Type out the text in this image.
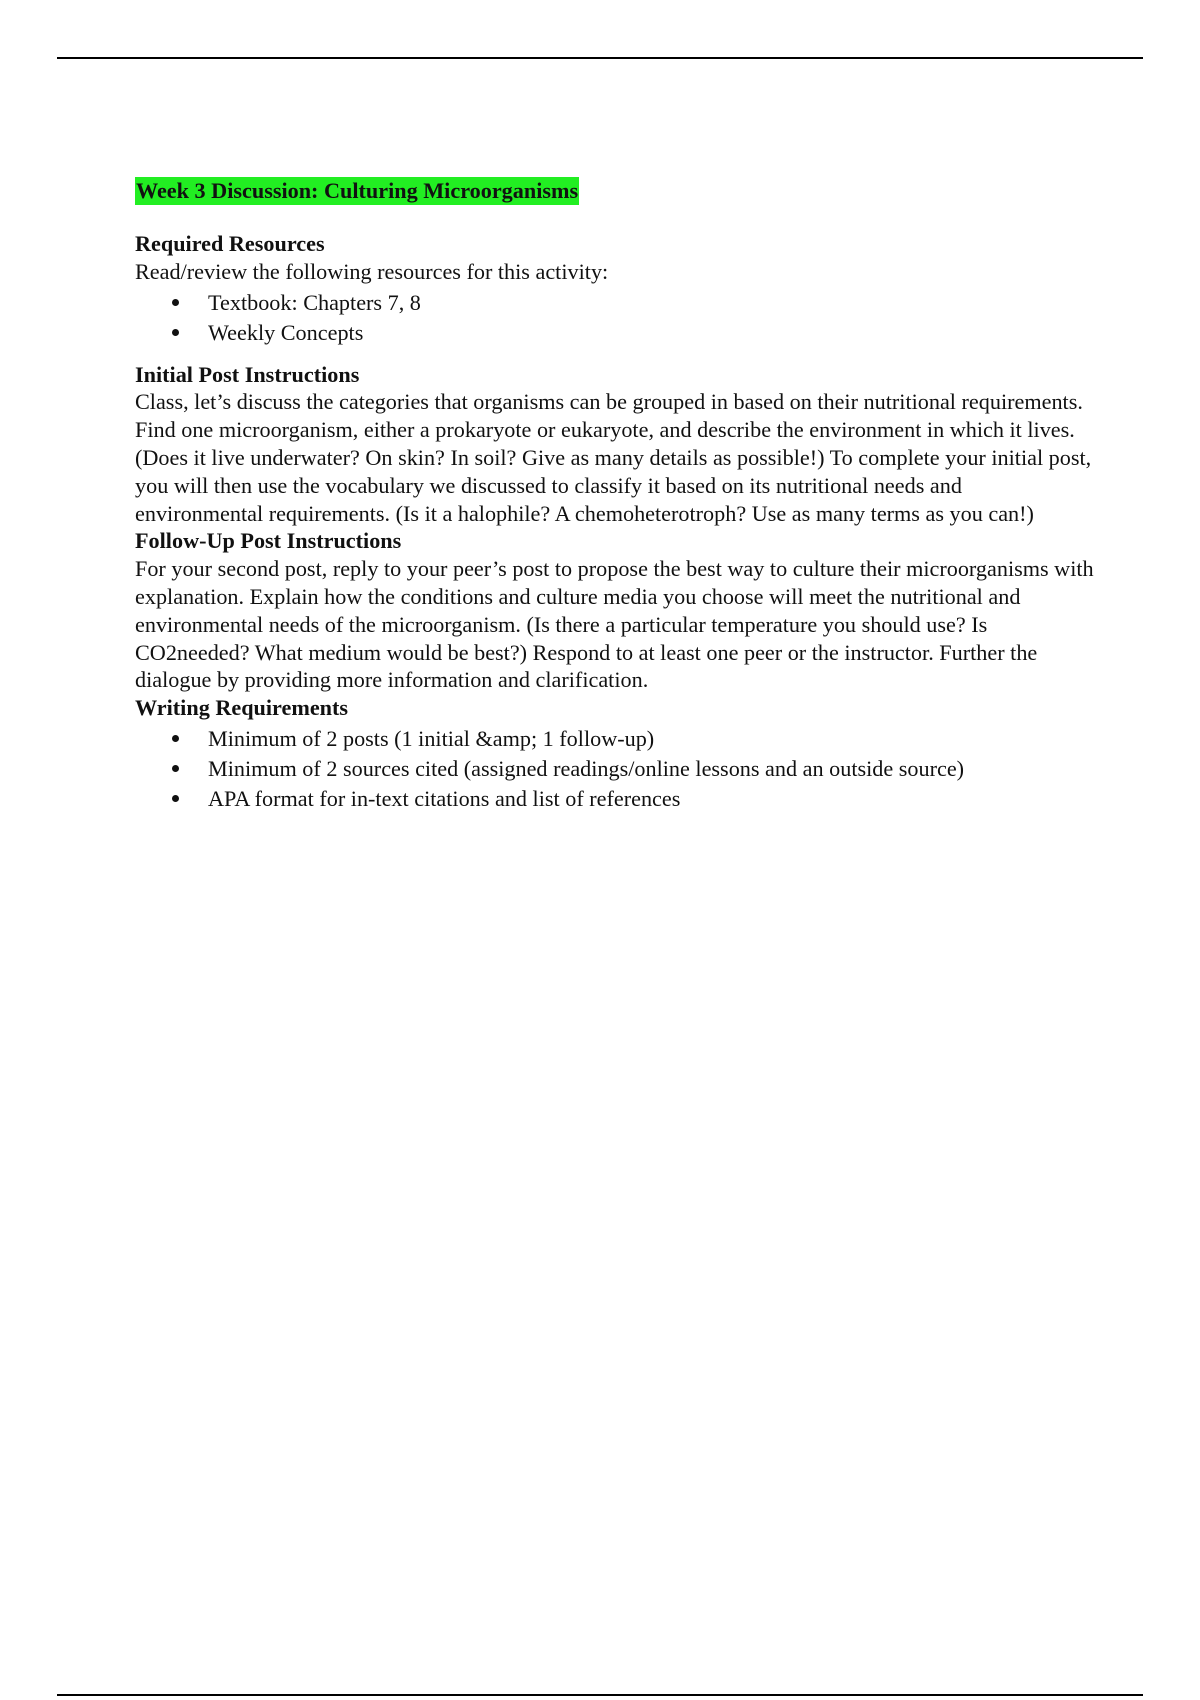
Week 3 Discussion: Culturing Microorganisms

Required Resources

Read/review the following resources for this activity:

Textbook: Chapters 7, 8
Weekly Concepts

Initial Post Instructions

Class, let’s discuss the categories that organisms can be grouped in based on their nutritional requirements. Find one microorganism, either a prokaryote or eukaryote, and describe the environment in which it lives. (Does it live underwater? On skin? In soil? Give as many details as possible!) To complete your initial post, you will then use the vocabulary we discussed to classify it based on its nutritional needs and environmental requirements. (Is it a halophile? A chemoheterotroph? Use as many terms as you can!)

Follow-Up Post Instructions

For your second post, reply to your peer’s post to propose the best way to culture their microorganisms with explanation. Explain how the conditions and culture media you choose will meet the nutritional and environmental needs of the microorganism. (Is there a particular temperature you should use? Is CO2needed? What medium would be best?) Respond to at least one peer or the instructor. Further the dialogue by providing more information and clarification.

Writing Requirements

Minimum of 2 posts (1 initial &amp; 1 follow-up)
Minimum of 2 sources cited (assigned readings/online lessons and an outside source)
APA format for in-text citations and list of references
